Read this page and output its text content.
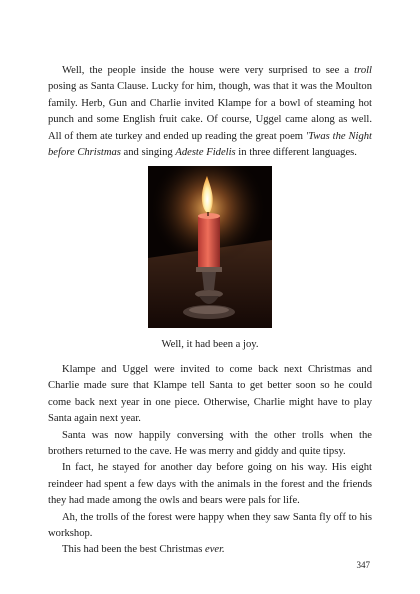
Well, the people inside the house were very surprised to see a troll posing as Santa Clause. Lucky for him, though, was that it was the Moulton family. Herb, Gun and Charlie invited Klampe for a bowl of steaming hot punch and some English fruit cake. Of course, Uggel came along as well. All of them ate turkey and ended up reading the great poem 'Twas the Night before Christmas and singing Adeste Fidelis in three different languages.

Well, it had been a joy.

Klampe and Uggel were invited to come back next Christmas and Charlie made sure that Klampe tell Santa to get better soon so he could come back next year in one piece. Otherwise, Charlie might have to play Santa again next year.

Santa was now happily conversing with the other trolls when the brothers returned to the cave. He was merry and giddy and quite tipsy.

In fact, he stayed for another day before going on his way. His eight reindeer had spent a few days with the animals in the forest and the friends they had made among the owls and bears were pals for life.

Ah, the trolls of the forest were happy when they saw Santa fly off to his workshop.

This had been the best Christmas ever.

347
